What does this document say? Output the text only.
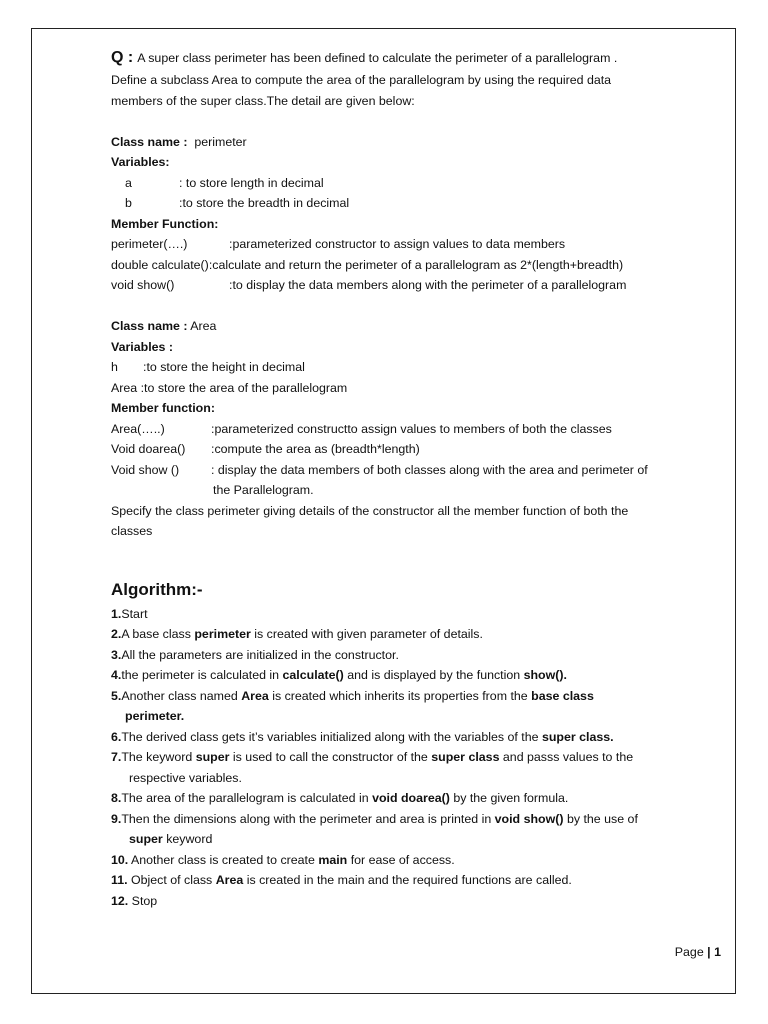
Q : A super class perimeter has been defined to calculate the perimeter of a parallelogram .
Define a subclass Area to compute the area of the parallelogram by using the required data
members of the super class.The detail are given below:
Class name : perimeter
Variables:
a	: to store length in decimal
b	:to store the breadth in decimal
Member Function:
perimeter(….)	:parameterized constructor to assign values to data members
double calculate():calculate and return the perimeter of a parallelogram as 2*(length+breadth)
void show()	:to display the data members along with the perimeter of a parallelogram
Class name : Area
Variables :
h :to store the height in decimal
Area :to store the area of the parallelogram
Member function:
Area(…..)	:parameterized constructto assign values to members of both the classes
Void doarea() :compute the area as (breadth*length)
Void show ()	: display the data members of both classes along with the area and perimeter of
the Parallelogram.
Specify the class perimeter giving details of the constructor all the member function of both the
classes
Algorithm:-
1.Start
2.A base class perimeter is created with given parameter of details.
3.All the parameters are initialized in the constructor.
4.the perimeter is calculated in calculate() and is displayed by the function show().
5.Another class named Area is created which inherits its properties from the base class
perimeter.
6.The derived class gets it’s variables initialized along with the variables of the super class.
7.The keyword super is used to call the constructor of the super class and passs values to the
respective variables.
8.The area of the parallelogram is calculated in void doarea() by the given formula.
9.Then the dimensions along with the perimeter and area is printed in void show() by the use of
super keyword
10. Another class is created to create main for ease of access.
11. Object of class Area is created in the main and the required functions are called.
12. Stop
Page | 1
